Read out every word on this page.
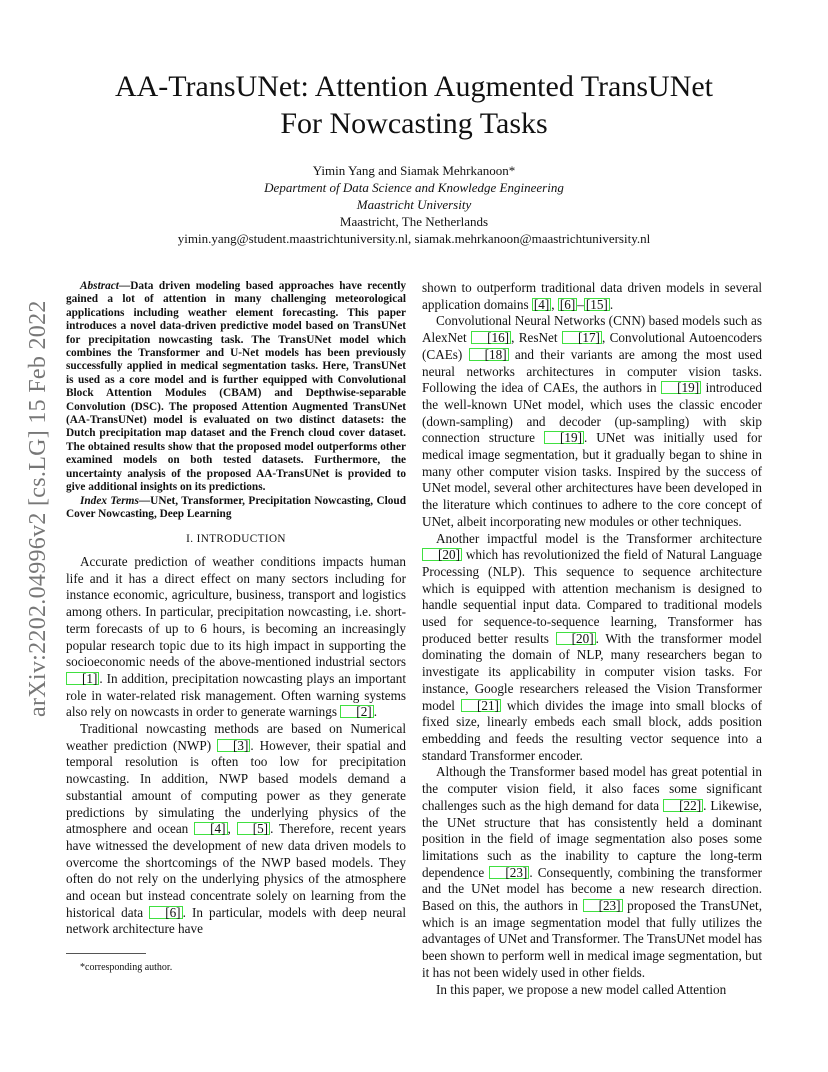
arXiv:2202.04996v2 [cs.LG] 15 Feb 2022
AA-TransUNet: Attention Augmented TransUNet
For Nowcasting Tasks
Yimin Yang and Siamak Mehrkanoon*
Department of Data Science and Knowledge Engineering
Maastricht University
Maastricht, The Netherlands
yimin.yang@student.maastrichtuniversity.nl, siamak.mehrkanoon@maastrichtuniversity.nl

Abstract—Data driven modeling based approaches have recently gained a lot of attention in many challenging meteorological applications including weather element forecasting. This paper introduces a novel data-driven predictive model based on TransUNet for precipitation nowcasting task. The TransUNet model which combines the Transformer and U-Net models has been previously successfully applied in medical segmentation tasks. Here, TransUNet is used as a core model and is further equipped with Convolutional Block Attention Modules (CBAM) and Depthwise-separable Convolution (DSC). The proposed Attention Augmented TransUNet (AA-TransUNet) model is evaluated on two distinct datasets: the Dutch precipitation map dataset and the French cloud cover dataset. The obtained results show that the proposed model outperforms other examined models on both tested datasets. Furthermore, the uncertainty analysis of the proposed AA-TransUNet is provided to give additional insights on its predictions.

Index Terms—UNet, Transformer, Precipitation Nowcasting, Cloud Cover Nowcasting, Deep Learning

I. INTRODUCTION

Accurate prediction of weather conditions impacts human life and it has a direct effect on many sectors including for instance economic, agriculture, business, transport and logistics among others. In particular, precipitation nowcasting, i.e. short-term forecasts of up to 6 hours, is becoming an increasingly popular research topic due to its high impact in supporting the socioeconomic needs of the above-mentioned industrial sectors [1] . In addition, precipitation nowcasting plays an important role in water-related risk management. Often warning systems also rely on nowcasts in order to generate warnings [2] .

Traditional nowcasting methods are based on Numerical weather prediction (NWP) [3] . However, their spatial and temporal resolution is often too low for precipitation nowcasting. In addition, NWP based models demand a substantial amount of computing power as they generate predictions by simulating the underlying physics of the atmosphere and ocean [4] , [5] . Therefore, recent years have witnessed the development of new data driven models to overcome the shortcomings of the NWP based models. They often do not rely on the underlying physics of the atmosphere and ocean but instead concentrate solely on learning from the historical data [6] . In particular, models with deep neural network architecture have

shown to outperform traditional data driven models in several application domains [4] , [6] – [15] .

Convolutional Neural Networks (CNN) based models such as AlexNet [16] , ResNet [17] , Convolutional Autoencoders (CAEs) [18] and their variants are among the most used neural networks architectures in computer vision tasks. Following the idea of CAEs, the authors in [19] introduced the well-known UNet model, which uses the classic encoder (down-sampling) and decoder (up-sampling) with skip connection structure [19] . UNet was initially used for medical image segmentation, but it gradually began to shine in many other computer vision tasks. Inspired by the success of UNet model, several other architectures have been developed in the literature which continues to adhere to the core concept of UNet, albeit incorporating new modules or other techniques.

Another impactful model is the Transformer architecture [20] which has revolutionized the field of Natural Language Processing (NLP). This sequence to sequence architecture which is equipped with attention mechanism is designed to handle sequential input data. Compared to traditional models used for sequence-to-sequence learning, Transformer has produced better results [20] . With the transformer model dominating the domain of NLP, many researchers began to investigate its applicability in computer vision tasks. For instance, Google researchers released the Vision Transformer model [21] which divides the image into small blocks of fixed size, linearly embeds each small block, adds position embedding and feeds the resulting vector sequence into a standard Transformer encoder.

Although the Transformer based model has great potential in the computer vision field, it also faces some significant challenges such as the high demand for data [22] . Likewise, the UNet structure that has consistently held a dominant position in the field of image segmentation also poses some limitations such as the inability to capture the long-term dependence [23] . Consequently, combining the transformer and the UNet model has become a new research direction. Based on this, the authors in [23] proposed the TransUNet, which is an image segmentation model that fully utilizes the advantages of UNet and Transformer. The TransUNet model has been shown to perform well in medical image segmentation, but it has not been widely used in other fields.

In this paper, we propose a new model called Attention

*corresponding author.
